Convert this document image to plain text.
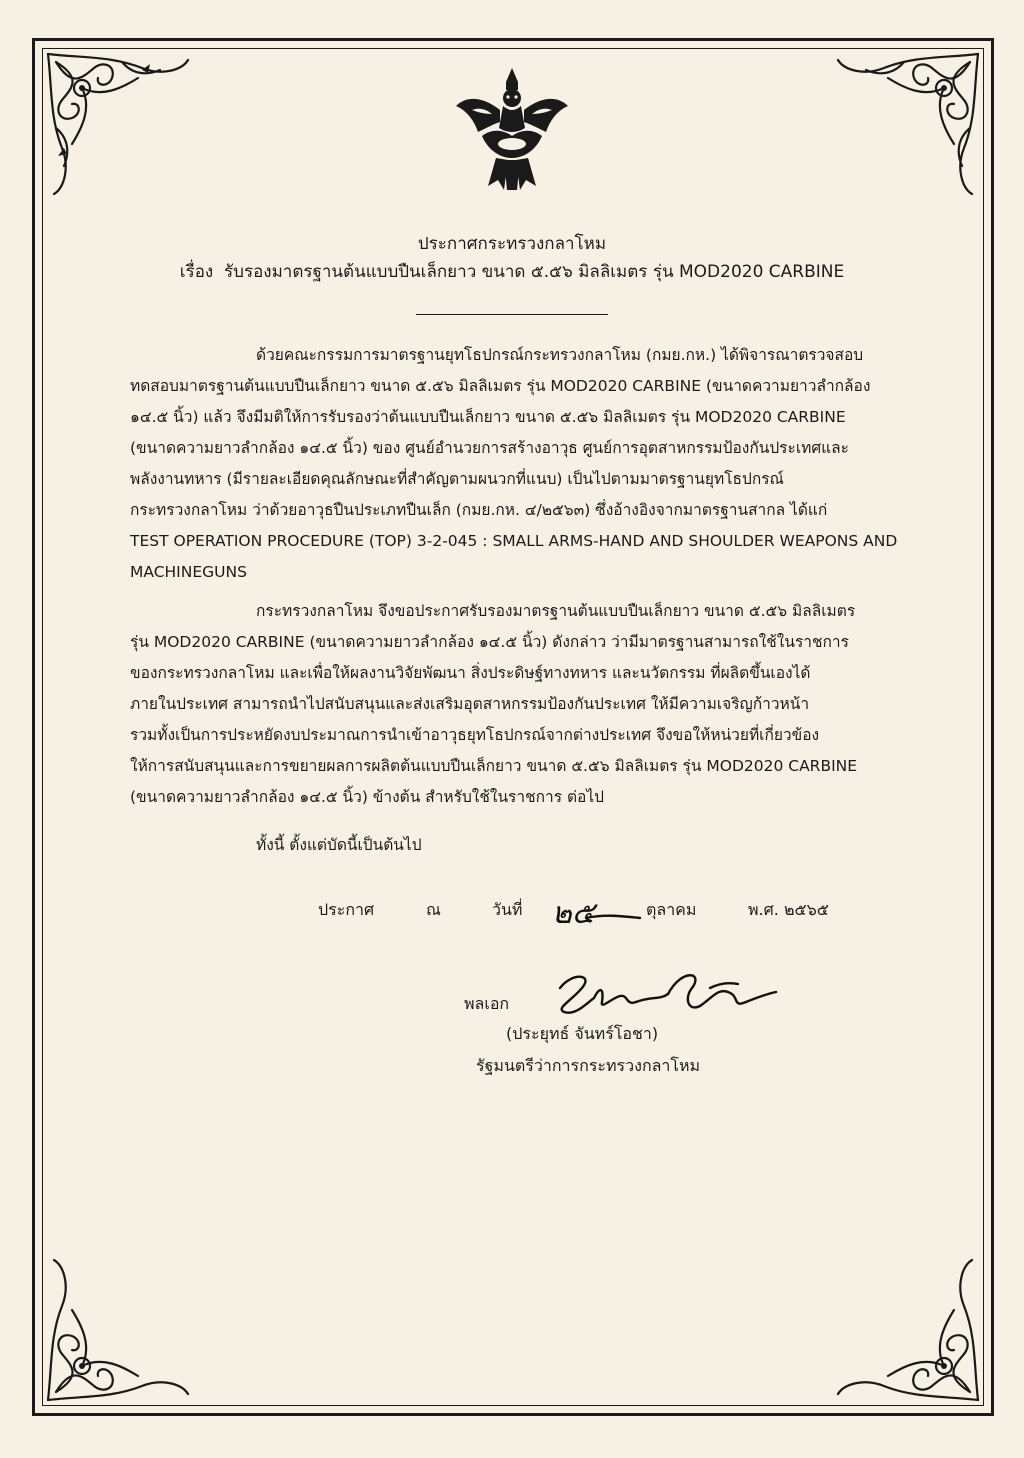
ประกาศกระทรวงกลาโหม
เรื่อง รับรองมาตรฐานต้นแบบปืนเล็กยาว ขนาด ๕.๕๖ มิลลิเมตร รุ่น MOD2020 CARBINE
ด้วยคณะกรรมการมาตรฐานยุทโธปกรณ์กระทรวงกลาโหม (กมย.กห.) ได้พิจารณาตรวจสอบ
ทดสอบมาตรฐานต้นแบบปืนเล็กยาว ขนาด ๕.๕๖ มิลลิเมตร รุ่น MOD2020 CARBINE (ขนาดความยาวลำกล้อง
๑๔.๕ นิ้ว) แล้ว จึงมีมติให้การรับรองว่าต้นแบบปืนเล็กยาว ขนาด ๕.๕๖ มิลลิเมตร รุ่น MOD2020 CARBINE
(ขนาดความยาวลำกล้อง ๑๔.๕ นิ้ว) ของ ศูนย์อำนวยการสร้างอาวุธ ศูนย์การอุตสาหกรรมป้องกันประเทศและ
พลังงานทหาร (มีรายละเอียดคุณลักษณะที่สำคัญตามผนวกที่แนบ) เป็นไปตามมาตรฐานยุทโธปกรณ์
กระทรวงกลาโหม ว่าด้วยอาวุธปืนประเภทปืนเล็ก (กมย.กห. ๔/๒๕๖๓) ซึ่งอ้างอิงจากมาตรฐานสากล ได้แก่
TEST OPERATION PROCEDURE (TOP) 3-2-045 : SMALL ARMS-HAND AND SHOULDER WEAPONS AND
MACHINEGUNS
กระทรวงกลาโหม จึงขอประกาศรับรองมาตรฐานต้นแบบปืนเล็กยาว ขนาด ๕.๕๖ มิลลิเมตร
รุ่น MOD2020 CARBINE (ขนาดความยาวลำกล้อง ๑๔.๕ นิ้ว) ดังกล่าว ว่ามีมาตรฐานสามารถใช้ในราชการ
ของกระทรวงกลาโหม และเพื่อให้ผลงานวิจัยพัฒนา สิ่งประดิษฐ์ทางทหาร และนวัตกรรม ที่ผลิตขึ้นเองได้
ภายในประเทศ สามารถนำไปสนับสนุนและส่งเสริมอุตสาหกรรมป้องกันประเทศ ให้มีความเจริญก้าวหน้า
รวมทั้งเป็นการประหยัดงบประมาณการนำเข้าอาวุธยุทโธปกรณ์จากต่างประเทศ จึงขอให้หน่วยที่เกี่ยวข้อง
ให้การสนับสนุนและการขยายผลการผลิตต้นแบบปืนเล็กยาว ขนาด ๕.๕๖ มิลลิเมตร รุ่น MOD2020 CARBINE
(ขนาดความยาวลำกล้อง ๑๔.๕ นิ้ว) ข้างต้น สำหรับใช้ในราชการ ต่อไป
ทั้งนี้ ตั้งแต่บัดนี้เป็นต้นไป
ประกาศ	ณ	วันที่ ๒๕	ตุลาคม	พ.ศ. ๒๕๖๕
พลเอก
(ประยุทธ์ จันทร์โอชา)
รัฐมนตรีว่าการกระทรวงกลาโหม
